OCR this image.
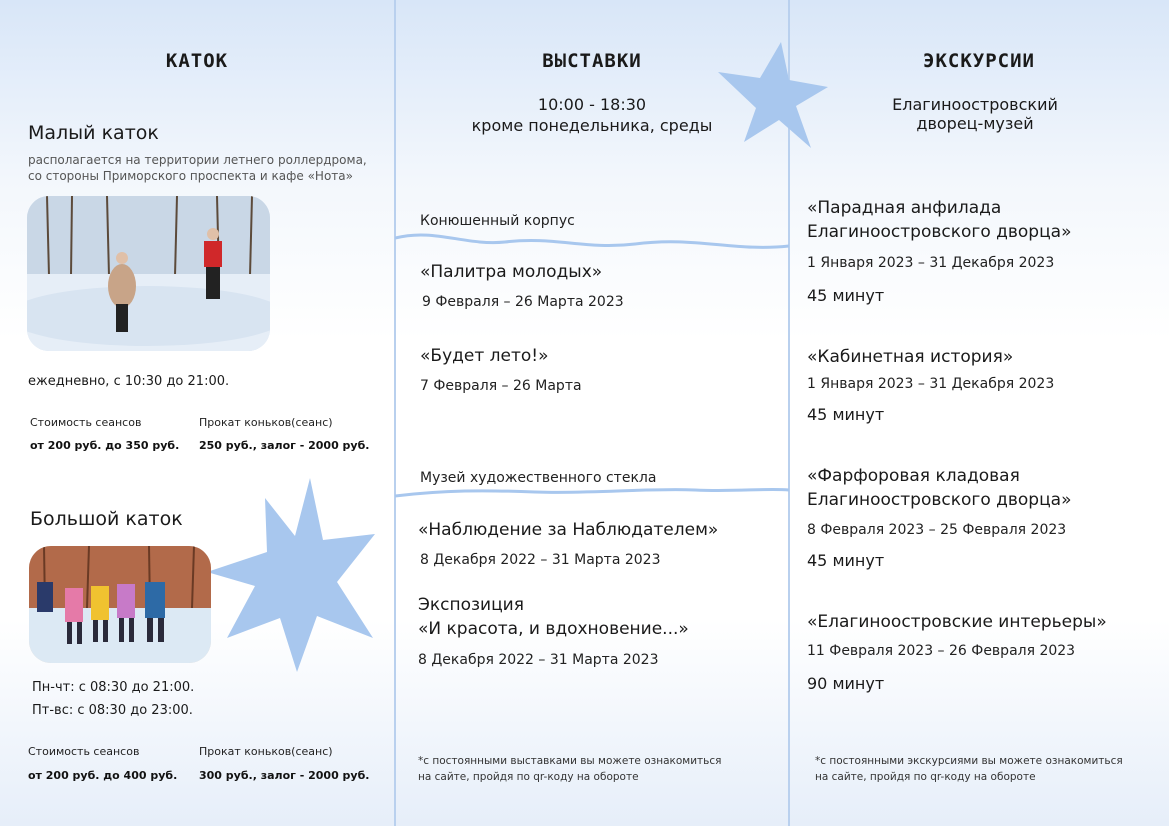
КАТОК
Малый каток
располагается на территории летнего роллердрома,
со стороны Приморского проспекта и кафе «Нота»
ежедневно, с 10:30 до 21:00.
Стоимость сеансов	Прокат коньков(сеанс)
от 200 руб. до 350 руб. 250 руб., залог - 2000 руб.
Большой каток
Пн-чт: с 08:30 до 21:00.
Пт-вс: с 08:30 до 23:00.
Стоимость сеансов	Прокат коньков(сеанс)
от 200 руб. до 400 руб. 300 руб., залог - 2000 руб.
ВЫСТАВКИ
10:00 - 18:30
кроме понедельника, среды
Конюшенный корпус
«Палитра молодых»
9 Февраля – 26 Марта 2023
«Будет лето!»
7 Февраля – 26 Марта
Музей художественного стекла
«Наблюдение за Наблюдателем»
8 Декабря 2022 – 31 Марта 2023
Экспозиция
«И красота, и вдохновение...»
8 Декабря 2022 – 31 Марта 2023
*с постоянными выставками вы можете ознакомиться
на сайте, пройдя по qr-коду на обороте
ЭКСКУРСИИ
Елагиноостровский
дворец-музей
«Парадная анфилада
Елагиноостровского дворца»
1 Января 2023 – 31 Декабря 2023
45 минут
«Кабинетная история»
1 Января 2023 – 31 Декабря 2023
45 минут
«Фарфоровая кладовая
Елагиноостровского дворца»
8 Февраля 2023 – 25 Февраля 2023
45 минут
«Елагиноостровские интерьеры»
11 Февраля 2023 – 26 Февраля 2023
90 минут
*с постоянными экскурсиями вы можете ознакомиться
на сайте, пройдя по qr-коду на обороте
